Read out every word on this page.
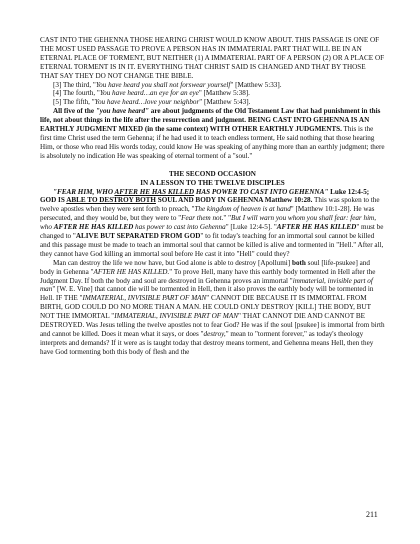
CAST INTO THE GEHENNA THOSE HEARING CHRIST WOULD KNOW ABOUT. THIS PASSAGE IS ONE OF THE MOST USED PASSAGE TO PROVE A PERSON HAS IN IMMATERIAL PART THAT WILL BE IN AN ETERNAL PLACE OF TORMENT, BUT NEITHER (1) A IMMATERIAL PART OF A PERSON (2) OR A PLACE OF ETERNAL TORMENT IS IN IT. EVERYTHING THAT CHRIST SAID IS CHANGED AND THAT BY THOSE THAT SAY THEY DO NOT CHANGE THE BIBLE.

[3] The third, "You have heard you shall not forswear yourself" [Matthew 5:33].

[4] The fourth, "You have heard…an eye for an eye" [Matthew 5:38].

[5] The fifth, "You have heard…love your neighbor" [Matthew 5:43].

All five of the "you have heard" are about judgments of the Old Testament Law that had punishment in this life, not about things in the life after the resurrection and judgment. BEING CAST INTO GEHENNA IS AN EARTHLY JUDGMENT MIXED (in the same context) WITH OTHER EARTHLY JUDGMENTS. This is the first time Christ used the term Gehenna; if he had used it to teach endless torment, He said nothing that those hearing Him, or those who read His words today, could know He was speaking of anything more than an earthly judgment; there is absolutely no indication He was speaking of eternal torment of a "soul."

THE SECOND OCCASION

IN A LESSON TO THE TWELVE DISCIPLES

"FEAR HIM, WHO AFTER HE HAS KILLED HAS POWER TO CAST INTO GEHENNA" Luke 12:4-5; GOD IS ABLE TO DESTROY BOTH SOUL AND BODY IN GEHENNA Matthew 10:28. This was spoken to the twelve apostles when they were sent forth to preach, "The kingdom of heaven is at hand" [Matthew 10:1-28]. He was persecuted, and they would be, but they were to "Fear them not." "But I will warn you whom you shall fear: fear him, who AFTER HE HAS KILLED has power to cast into Gehenna" [Luke 12:4-5]. "AFTER HE HAS KILLED" must be changed to "ALIVE BUT SEPARATED FROM GOD" to fit today's teaching for an immortal soul cannot be killed and this passage must be made to teach an immortal soul that cannot be killed is alive and tormented in "Hell." After all, they cannot have God killing an immortal soul before He cast it into "Hell" could they?

Man can destroy the life we now have, but God alone is able to destroy [Apollumi] both soul [life-psukee] and body in Gehenna "AFTER HE HAS KILLED." To prove Hell, many have this earthly body tormented in Hell after the Judgment Day. If both the body and soul are destroyed in Gehenna proves an immortal "immaterial, invisible part of man" [W. E. Vine] that cannot die will be tormented in Hell, then it also proves the earthly body will be tormented in Hell. IF THE "IMMATERIAL, INVISIBLE PART OF MAN" CANNOT DIE BECAUSE IT IS IMMORTAL FROM BIRTH, GOD COULD DO NO MORE THAN A MAN. HE COULD ONLY DESTROY [KILL] THE BODY, BUT NOT THE IMMORTAL "IMMATERIAL, INVISIBLE PART OF MAN" THAT CANNOT DIE AND CANNOT BE DESTROYED. Was Jesus telling the twelve apostles not to fear God? He was if the soul [psukee] is immortal from birth and cannot be killed. Does it mean what it says, or does "destroy," mean to "torment forever," as today's theology interprets and demands? If it were as is taught today that destroy means torment, and Gehenna means Hell, then they have God tormenting both this body of flesh and the

211
